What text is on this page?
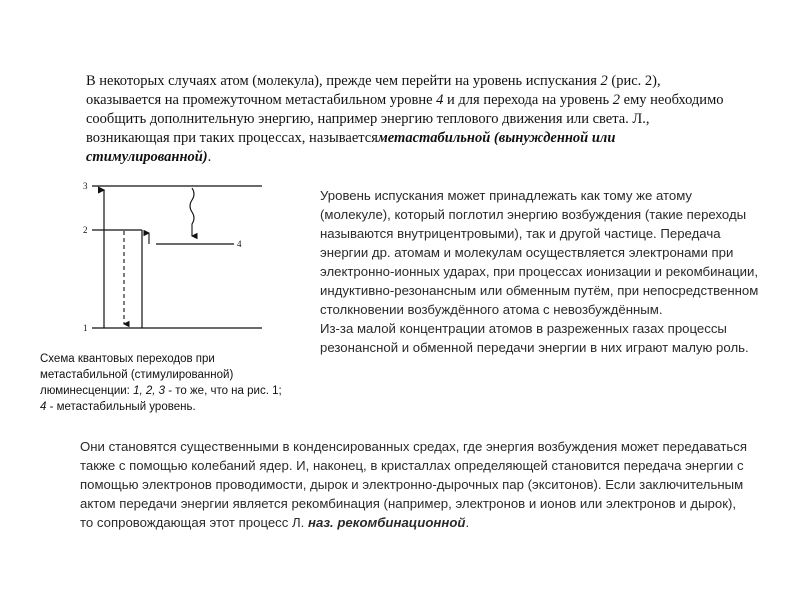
В некоторых случаях атом (молекула), прежде чем перейти на уровень испускания 2 (рис. 2), оказывается на промежуточном метастабильном уровне 4 и для перехода на уровень 2 ему необходимо сообщить дополнительную энергию, например энергию теплового движения или света. Л., возникающая при таких процессах, называетсяметастабильной (вынужденной или стимулированной).

3
2
4
1

Схема квантовых переходов при метастабильной (стимулированной) люминесценции: 1, 2, 3 - то же, что на рис. 1; 4 - метастабильный уровень.

Уровень испускания может принадлежать как тому же атому (молекуле), который поглотил энергию возбуждения (такие переходы называются внутрицентровыми), так и другой частице. Передача энергии др. атомам и молекулам осуществляется электронами при электронно-ионных ударах, при процессах ионизации и рекомбинации, индуктивно-резонансным или обменным путём, при непосредственном столкновении возбуждённого атома с невозбуждённым.

Из-за малой концентрации атомов в разреженных газах процессы резонансной и обменной передачи энергии в них играют малую роль.

Они становятся существенными в конденсированных средах, где энергия возбуждения может передаваться также с помощью колебаний ядер. И, наконец, в кристаллах определяющей становится передача энергии с помощью электронов проводимости, дырок и электронно-дырочных пар (экситонов). Если заключительным актом передачи энергии является рекомбинация (например, электронов и ионов или электронов и дырок), то сопровождающая этот процесс Л. наз. рекомбинационной.
